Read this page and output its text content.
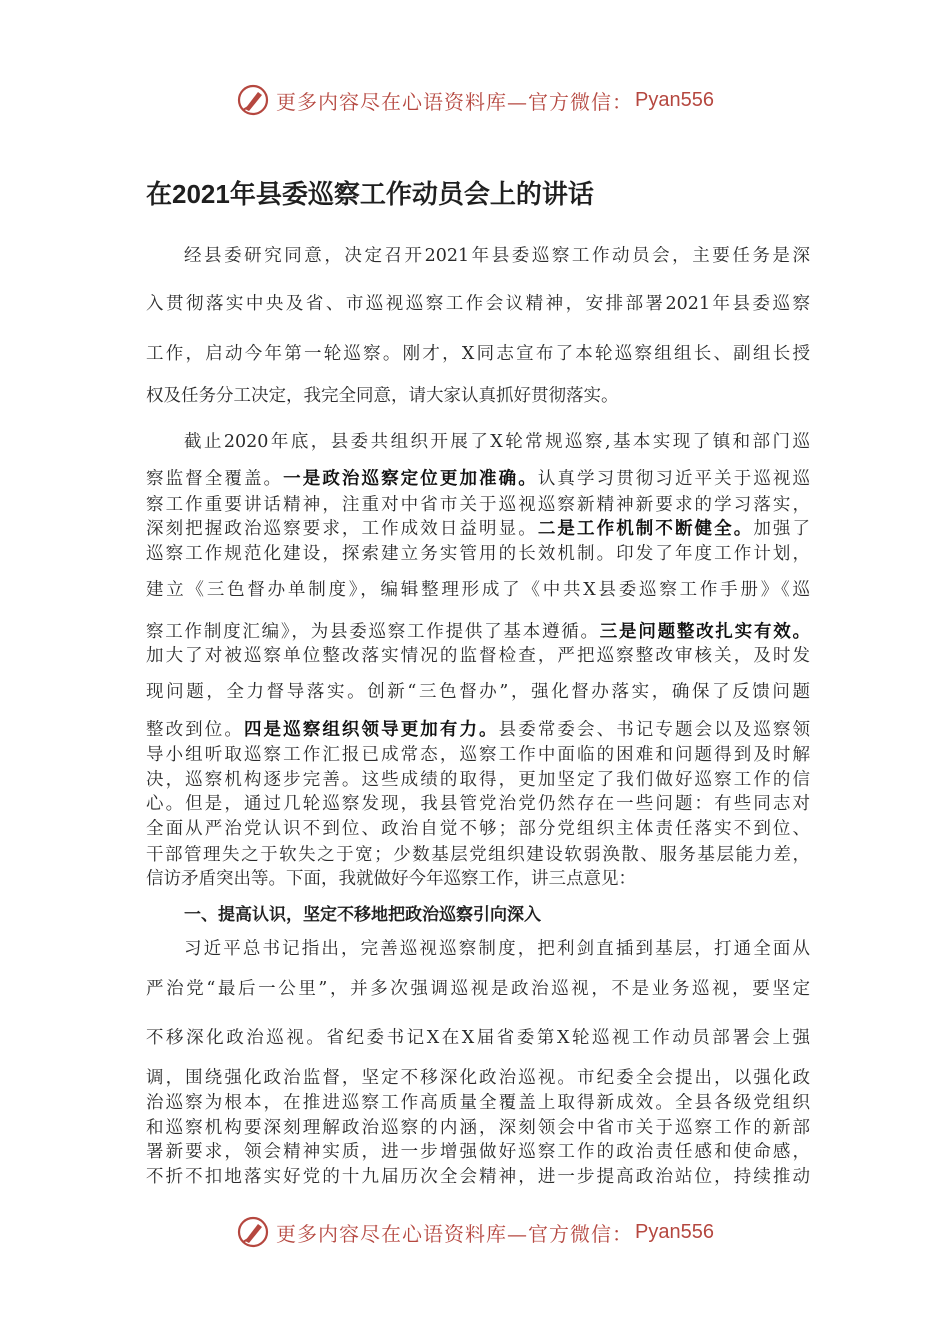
更多内容尽在心语资料库—官方微信： Pyan556
在2021年县委巡察工作动员会上的讲话
经县委研究同意，决定召开2021年县委巡察工作动员会，主要任务是深
入贯彻落实中央及省、市巡视巡察工作会议精神，安排部署2021年县委巡察
工作，启动今年第一轮巡察。刚才，X同志宣布了本轮巡察组组长、副组长授
权及任务分工决定，我完全同意，请大家认真抓好贯彻落实。
截止2020年底，县委共组织开展了X轮常规巡察,基本实现了镇和部门巡
察监督全覆盖。一是政治巡察定位更加准确。认真学习贯彻习近平关于巡视巡
察工作重要讲话精神，注重对中省市关于巡视巡察新精神新要求的学习落实，
深刻把握政治巡察要求，工作成效日益明显。二是工作机制不断健全。加强了
巡察工作规范化建设，探索建立务实管用的长效机制。印发了年度工作计划，
建立《三色督办单制度》，编辑整理形成了《中共X县委巡察工作手册》《巡
察工作制度汇编》，为县委巡察工作提供了基本遵循。三是问题整改扎实有效。
加大了对被巡察单位整改落实情况的监督检查，严把巡察整改审核关，及时发
现问题，全力督导落实。创新“三色督办”，强化督办落实，确保了反馈问题
整改到位。四是巡察组织领导更加有力。县委常委会、书记专题会以及巡察领
导小组听取巡察工作汇报已成常态，巡察工作中面临的困难和问题得到及时解
决，巡察机构逐步完善。这些成绩的取得，更加坚定了我们做好巡察工作的信
心。但是，通过几轮巡察发现，我县管党治党仍然存在一些问题：有些同志对
全面从严治党认识不到位、政治自觉不够；部分党组织主体责任落实不到位、
干部管理失之于软失之于宽；少数基层党组织建设软弱涣散、服务基层能力差，
信访矛盾突出等。下面，我就做好今年巡察工作，讲三点意见：
一、提高认识，坚定不移地把政治巡察引向深入
习近平总书记指出，完善巡视巡察制度，把利剑直插到基层，打通全面从
严治党“最后一公里”，并多次强调巡视是政治巡视，不是业务巡视，要坚定
不移深化政治巡视。省纪委书记X在X届省委第X轮巡视工作动员部署会上强
调，围绕强化政治监督，坚定不移深化政治巡视。市纪委全会提出，以强化政
治巡察为根本，在推进巡察工作高质量全覆盖上取得新成效。全县各级党组织
和巡察机构要深刻理解政治巡察的内涵，深刻领会中省市关于巡察工作的新部
署新要求，领会精神实质，进一步增强做好巡察工作的政治责任感和使命感，
不折不扣地落实好党的十九届历次全会精神，进一步提高政治站位，持续推动
更多内容尽在心语资料库—官方微信： Pyan556
